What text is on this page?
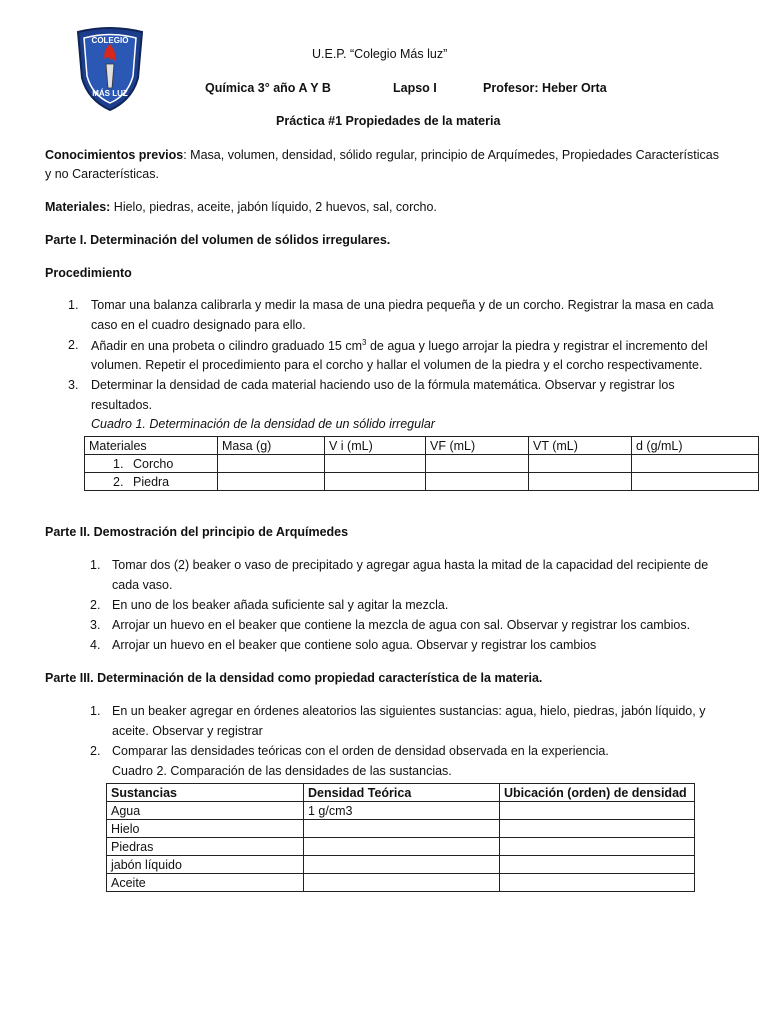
COLEGIO
MÁS LUZ
U.E.P. “Colegio Más luz”
Química 3° año A Y B	Lapso I	Profesor: Heber Orta
Práctica #1 Propiedades de la materia
Conocimientos previos: Masa, volumen, densidad, sólido regular, principio de Arquímedes, Propiedades Características
y no Características.
Materiales: Hielo, piedras, aceite, jabón líquido, 2 huevos, sal, corcho.
Parte I. Determinación del volumen de sólidos irregulares.
Procedimiento
1. Tomar una balanza calibrarla y medir la masa de una piedra pequeña y de un corcho. Registrar la masa en cada
caso en el cuadro designado para ello.
2. Añadir en una probeta o cilindro graduado 15 $cm^3$ de agua y luego arrojar la piedra y registrar el incremento del
volumen. Repetir el procedimiento para el corcho y hallar el volumen de la piedra y el corcho respectivamente.
3. Determinar la densidad de cada material haciendo uso de la fórmula matemática. Observar y registrar los
resultados.
Cuadro 1. Determinación de la densidad de un sólido irregular
Materiales	Masa (g)	V i (mL)	VF (mL)	VT (mL)	d (g/mL)
1. Corcho					
2. Piedra					
Parte II. Demostración del principio de Arquímedes
1. Tomar dos (2) beaker o vaso de precipitado y agregar agua hasta la mitad de la capacidad del recipiente de
cada vaso.
2. En uno de los beaker añada suficiente sal y agitar la mezcla.
3. Arrojar un huevo en el beaker que contiene la mezcla de agua con sal. Observar y registrar los cambios.
4. Arrojar un huevo en el beaker que contiene solo agua. Observar y registrar los cambios
Parte III. Determinación de la densidad como propiedad característica de la materia.
1. En un beaker agregar en órdenes aleatorios las siguientes sustancias: agua, hielo, piedras, jabón líquido, y
aceite. Observar y registrar
2. Comparar las densidades teóricas con el orden de densidad observada en la experiencia.
Cuadro 2. Comparación de las densidades de las sustancias.
Sustancias	Densidad Teórica	Ubicación (orden) de densidad
Agua	1 g/cm3	
Hielo		
Piedras		
jabón líquido		
Aceite		
